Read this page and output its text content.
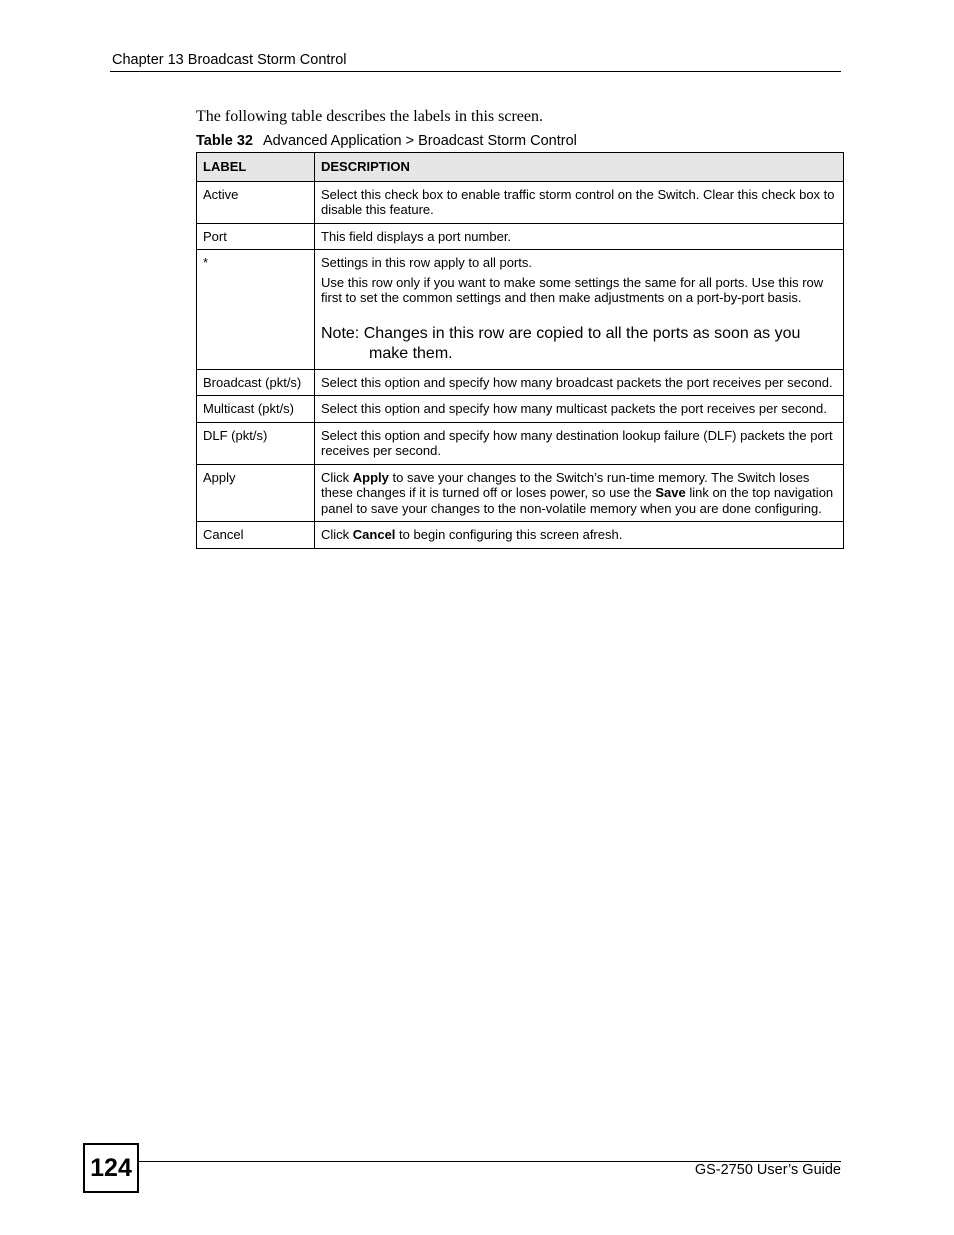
Chapter 13 Broadcast Storm Control
The following table describes the labels in this screen.
Table 32 Advanced Application > Broadcast Storm Control
LABEL	DESCRIPTION
Active	Select this check box to enable traffic storm control on the Switch. Clear this check box to disable this feature.
Port	This field displays a port number.
*	Settings in this row apply to all ports.

Use this row only if you want to make some settings the same for all ports. Use this row first to set the common settings and then make adjustments on a port-by-port basis.

Note: Changes in this row are copied to all the ports as soon as you make them.

Broadcast (pkt/s)	Select this option and specify how many broadcast packets the port receives per second.
Multicast (pkt/s)	Select this option and specify how many multicast packets the port receives per second.
DLF (pkt/s)	Select this option and specify how many destination lookup failure (DLF) packets the port receives per second.
Apply	Click Apply to save your changes to the Switch’s run-time memory. The Switch loses these changes if it is turned off or loses power, so use the Save link on the top navigation panel to save your changes to the non-volatile memory when you are done configuring.
Cancel	Click Cancel to begin configuring this screen afresh.
124	GS-2750 User’s Guide
